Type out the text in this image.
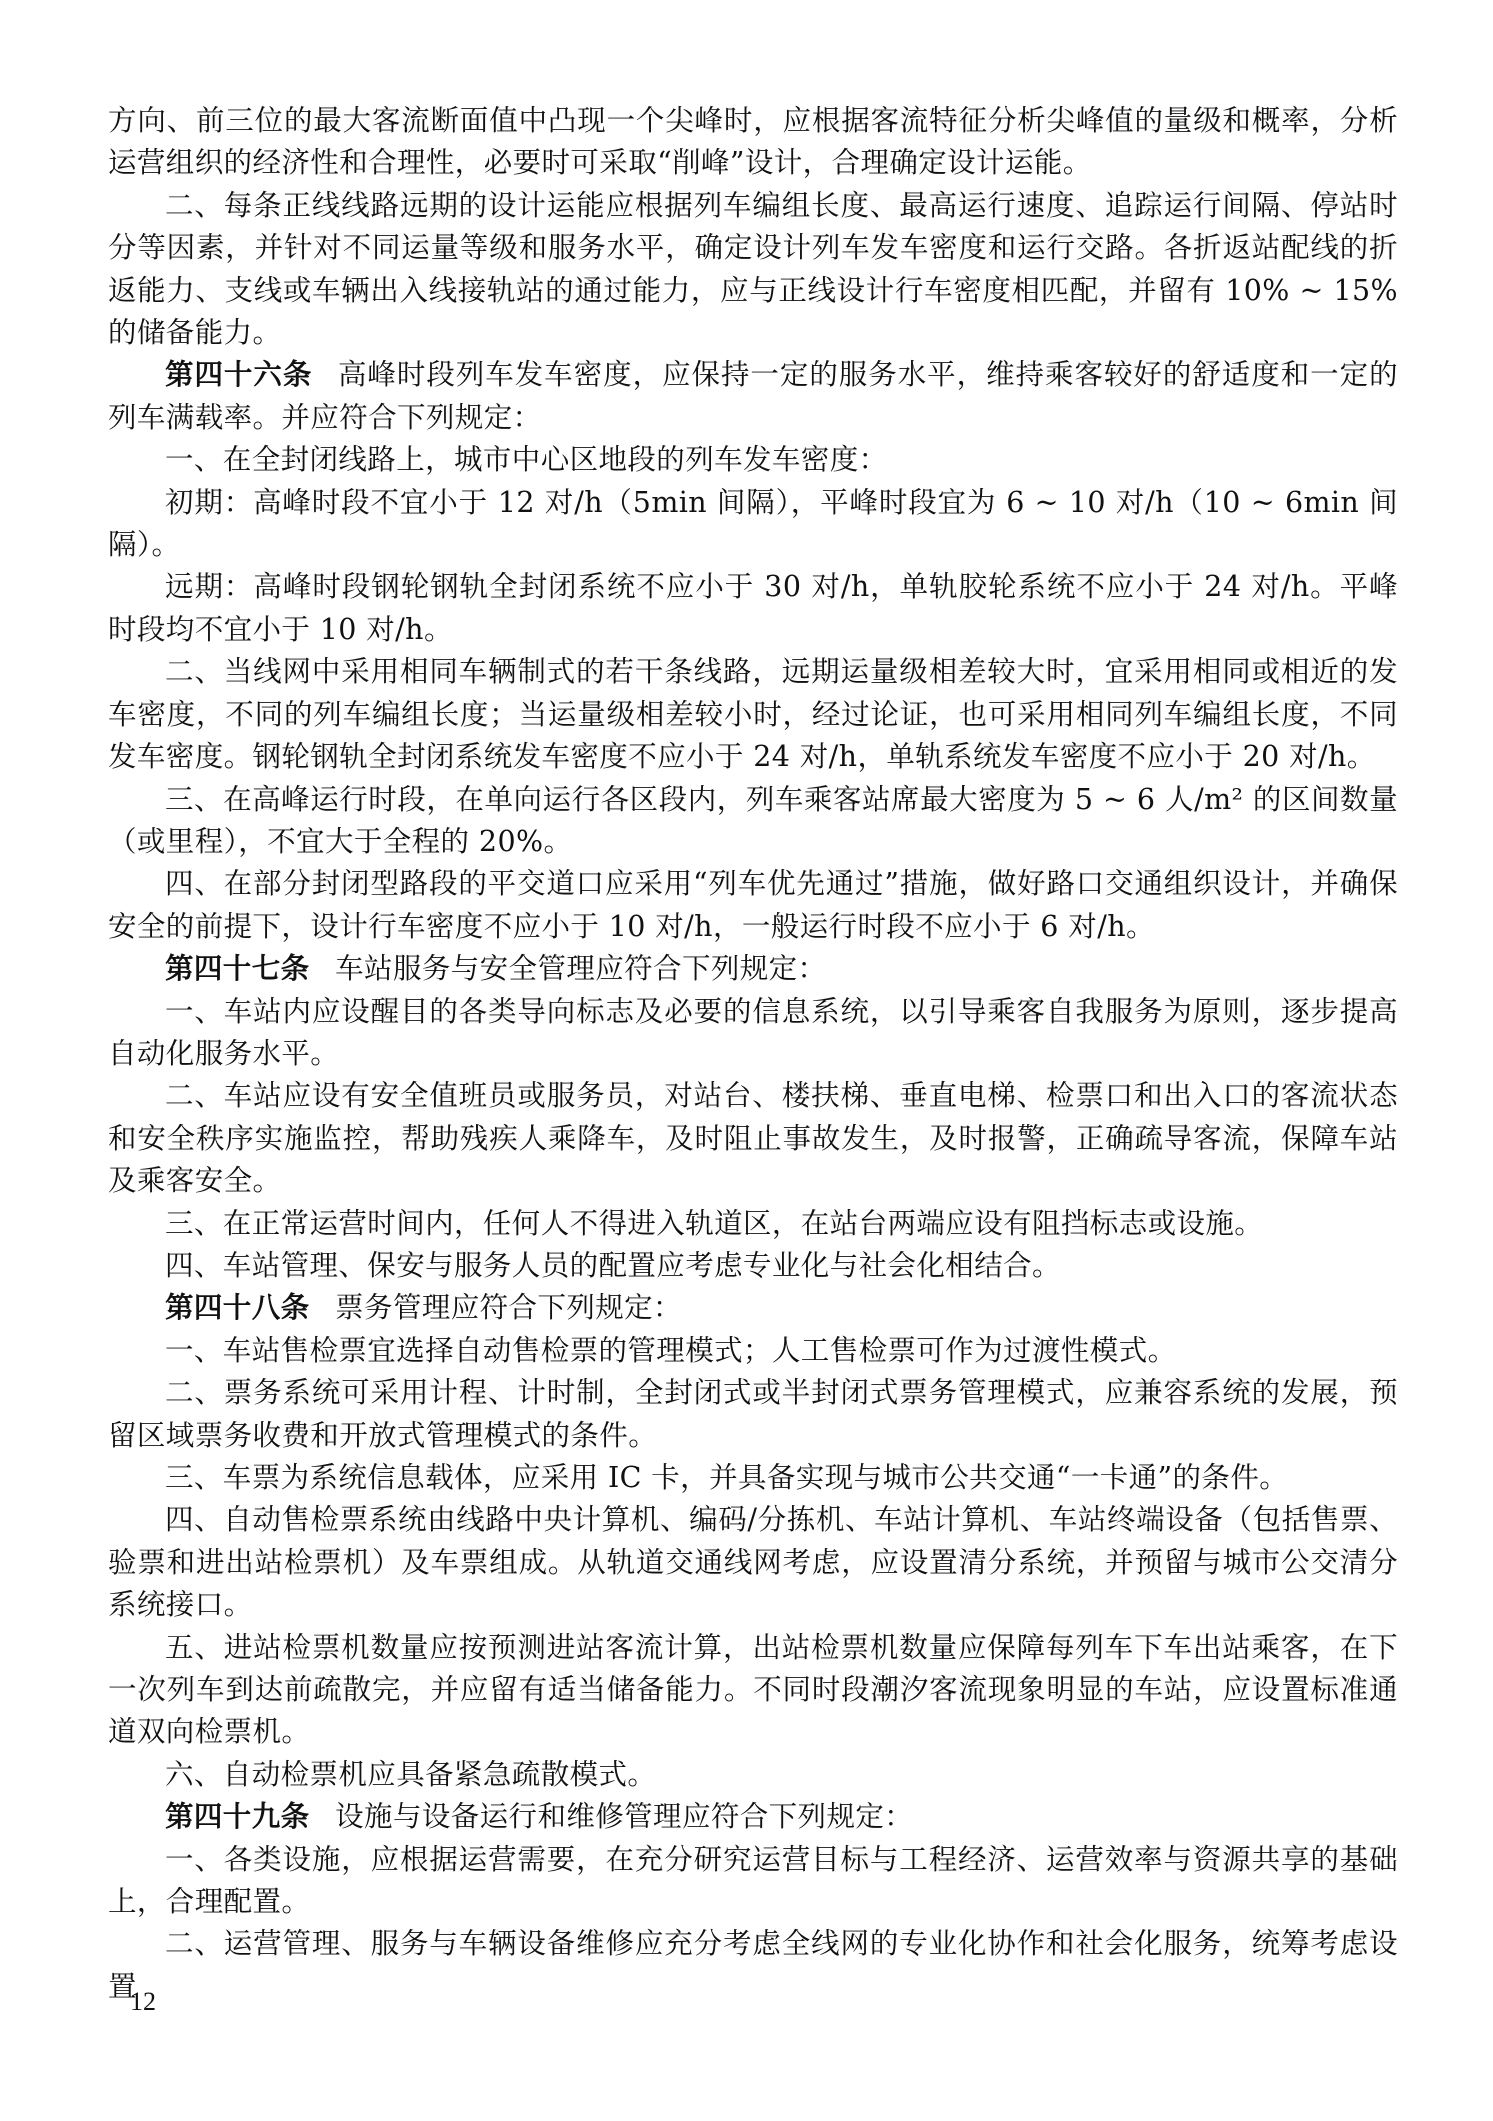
方向、前三位的最大客流断面值中凸现一个尖峰时，应根据客流特征分析尖峰值的量级和概率，分析运营组织的经济性和合理性，必要时可采取“削峰”设计，合理确定设计运能。

二、每条正线线路远期的设计运能应根据列车编组长度、最高运行速度、追踪运行间隔、停站时分等因素，并针对不同运量等级和服务水平，确定设计列车发车密度和运行交路。各折返站配线的折返能力、支线或车辆出入线接轨站的通过能力，应与正线设计行车密度相匹配，并留有 10% ~ 15% 的储备能力。

第四十六条 高峰时段列车发车密度，应保持一定的服务水平，维持乘客较好的舒适度和一定的列车满载率。并应符合下列规定：

一、在全封闭线路上，城市中心区地段的列车发车密度：

初期：高峰时段不宜小于 12 对/h（5min 间隔），平峰时段宜为 6 ~ 10 对/h（10 ~ 6min 间隔）。

远期：高峰时段钢轮钢轨全封闭系统不应小于 30 对/h，单轨胶轮系统不应小于 24 对/h。平峰时段均不宜小于 10 对/h。

二、当线网中采用相同车辆制式的若干条线路，远期运量级相差较大时，宜采用相同或相近的发车密度，不同的列车编组长度；当运量级相差较小时，经过论证，也可采用相同列车编组长度，不同发车密度。钢轮钢轨全封闭系统发车密度不应小于 24 对/h，单轨系统发车密度不应小于 20 对/h。

三、在高峰运行时段，在单向运行各区段内，列车乘客站席最大密度为 5 ~ 6 人/m² 的区间数量（或里程），不宜大于全程的 20%。

四、在部分封闭型路段的平交道口应采用“列车优先通过”措施，做好路口交通组织设计，并确保安全的前提下，设计行车密度不应小于 10 对/h，一般运行时段不应小于 6 对/h。

第四十七条 车站服务与安全管理应符合下列规定：

一、车站内应设醒目的各类导向标志及必要的信息系统，以引导乘客自我服务为原则，逐步提高自动化服务水平。

二、车站应设有安全值班员或服务员，对站台、楼扶梯、垂直电梯、检票口和出入口的客流状态和安全秩序实施监控，帮助残疾人乘降车，及时阻止事故发生，及时报警，正确疏导客流，保障车站及乘客安全。

三、在正常运营时间内，任何人不得进入轨道区，在站台两端应设有阻挡标志或设施。

四、车站管理、保安与服务人员的配置应考虑专业化与社会化相结合。

第四十八条 票务管理应符合下列规定：

一、车站售检票宜选择自动售检票的管理模式；人工售检票可作为过渡性模式。

二、票务系统可采用计程、计时制，全封闭式或半封闭式票务管理模式，应兼容系统的发展，预留区域票务收费和开放式管理模式的条件。

三、车票为系统信息载体，应采用 IC 卡，并具备实现与城市公共交通“一卡通”的条件。

四、自动售检票系统由线路中央计算机、编码/分拣机、车站计算机、车站终端设备（包括售票、验票和进出站检票机）及车票组成。从轨道交通线网考虑，应设置清分系统，并预留与城市公交清分系统接口。

五、进站检票机数量应按预测进站客流计算，出站检票机数量应保障每列车下车出站乘客，在下一次列车到达前疏散完，并应留有适当储备能力。不同时段潮汐客流现象明显的车站，应设置标准通道双向检票机。

六、自动检票机应具备紧急疏散模式。

第四十九条 设施与设备运行和维修管理应符合下列规定：

一、各类设施，应根据运营需要，在充分研究运营目标与工程经济、运营效率与资源共享的基础上，合理配置。

二、运营管理、服务与车辆设备维修应充分考虑全线网的专业化协作和社会化服务，统筹考虑设置

12
